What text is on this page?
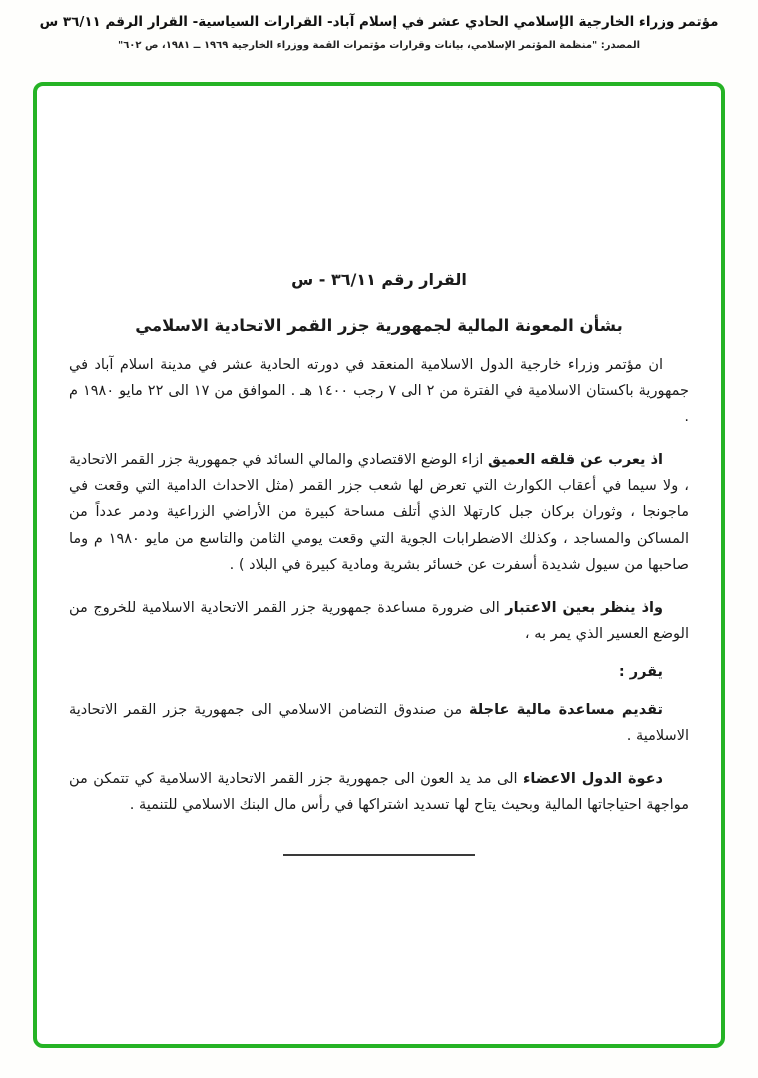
مؤتمر وزراء الخارجية الإسلامي الحادي عشر في إسلام آباد- القرارات السياسية- القرار الرقم ٣٦/١١ س
المصدر: "منظمة المؤتمر الإسلامي، بيانات وقرارات مؤتمرات القمة ووزراء الخارجية ١٩٦٩ ــ ١٩٨١، ص ٦٠٢"
القرار رقم ٣٦/١١ - س
بشأن المعونة المالية لجمهورية جزر القمر الاتحادية الاسلامي

ان مؤتمر وزراء خارجية الدول الاسلامية المنعقد في دورته الحادية عشر في مدينة اسلام آباد في جمهورية باكستان الاسلامية في الفترة من ٢ الى ٧ رجب ١٤٠٠ هـ . الموافق من ١٧ الى ٢٢ مايو ١٩٨٠ م .

اذ يعرب عن قلقه العميق ازاء الوضع الاقتصادي والمالي السائد في جمهورية جزر القمر الاتحادية ، ولا سيما في أعقاب الكوارث التي تعرض لها شعب جزر القمر (مثل الاحداث الدامية التي وقعت في ماجونجا ، وثوران بركان جبل كارتهلا الذي أتلف مساحة كبيرة من الأراضي الزراعية ودمر عدداً من المساكن والمساجد ، وكذلك الاضطرابات الجوية التي وقعت يومي الثامن والتاسع من مايو ١٩٨٠ م وما صاحبها من سيول شديدة أسفرت عن خسائر بشرية ومادية كبيرة في البلاد ) .

واذ ينظر بعين الاعتبار الى ضرورة مساعدة جمهورية جزر القمر الاتحادية الاسلامية للخروج من الوضع العسير الذي يمر به ،

يقرر :

تقديم مساعدة مالية عاجلة من صندوق التضامن الاسلامي الى جمهورية جزر القمر الاتحادية الاسلامية .

دعوة الدول الاعضاء الى مد يد العون الى جمهورية جزر القمر الاتحادية الاسلامية كي تتمكن من مواجهة احتياجاتها المالية وبحيث يتاح لها تسديد اشتراكها في رأس مال البنك الاسلامي للتنمية .
